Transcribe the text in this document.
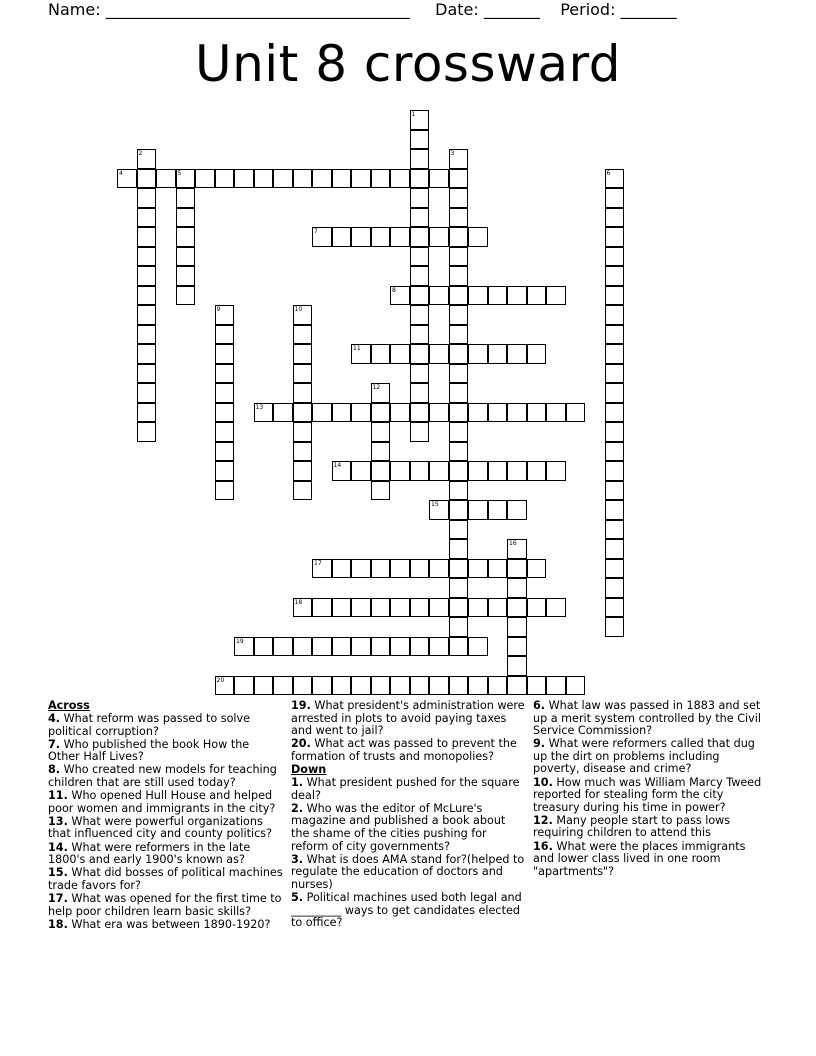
Name: ______________________________________ Date: _______ Period: _______
Unit 8 crossward
1
2	3
4	5	6
7
8
9	10
11
12
13
14
15
16
17
18
19
20

Across

4. What reform was passed to solve political corruption?

7. Who published the book How the Other Half Lives?

8. Who created new models for teaching children that are still used today?

11. Who opened Hull House and helped poor women and immigrants in the city?

13. What were powerful organizations that influenced city and county politics?

14. What were reformers in the late 1800's and early 1900's known as?

15. What did bosses of political machines trade favors for?

17. What was opened for the first time to help poor children learn basic skills?

18. What era was between 1890-1920?

19. What president's administration were arrested in plots to avoid paying taxes and went to jail?

20. What act was passed to prevent the formation of trusts and monopolies?

Down

1. What president pushed for the square deal?

2. Who was the editor of McLure's magazine and published a book about the shame of the cities pushing for reform of city governments?

3. What is does AMA stand for?(helped to regulate the education of doctors and nurses)

5. Political machines used both legal and _________ ways to get candidates elected to office?

6. What law was passed in 1883 and set up a merit system controlled by the Civil Service Commission?

9. What were reformers called that dug up the dirt on problems including poverty, disease and crime?

10. How much was William Marcy Tweed reported for stealing form the city treasury during his time in power?

12. Many people start to pass lows requiring children to attend this

16. What were the places immigrants and lower class lived in one room "apartments"?
